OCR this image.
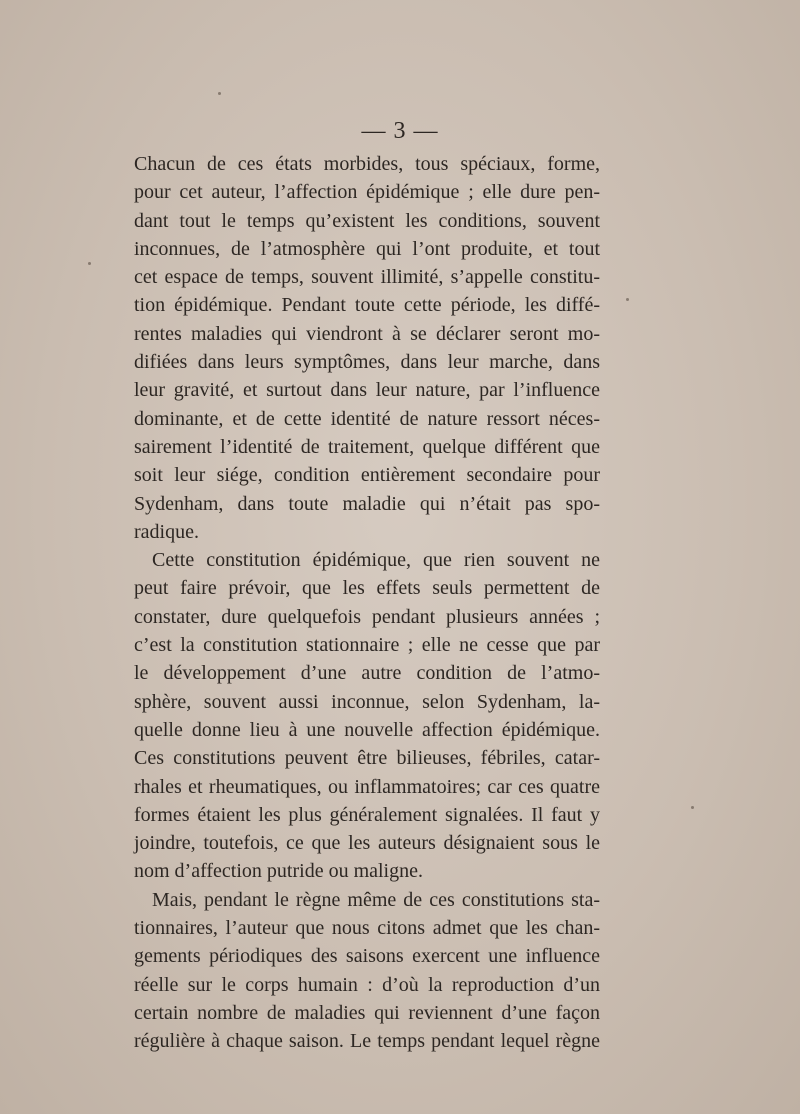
— 3 —
Chacun de ces états morbides, tous spéciaux, forme,
pour cet auteur, l’affection épidémique ; elle dure pen-
dant tout le temps qu’existent les conditions, souvent
inconnues, de l’atmosphère qui l’ont produite, et tout
cet espace de temps, souvent illimité, s’appelle constitu-
tion épidémique. Pendant toute cette période, les diffé-
rentes maladies qui viendront à se déclarer seront mo-
difiées dans leurs symptômes, dans leur marche, dans
leur gravité, et surtout dans leur nature, par l’influence
dominante, et de cette identité de nature ressort néces-
sairement l’identité de traitement, quelque différent que
soit leur siége, condition entièrement secondaire pour
Sydenham, dans toute maladie qui n’était pas spo-
radique.
Cette constitution épidémique, que rien souvent ne
peut faire prévoir, que les effets seuls permettent de
constater, dure quelquefois pendant plusieurs années ;
c’est la constitution stationnaire ; elle ne cesse que par
le développement d’une autre condition de l’atmo-
sphère, souvent aussi inconnue, selon Sydenham, la-
quelle donne lieu à une nouvelle affection épidémique.
Ces constitutions peuvent être bilieuses, fébriles, catar-
rhales et rheumatiques, ou inflammatoires; car ces quatre
formes étaient les plus généralement signalées. Il faut y
joindre, toutefois, ce que les auteurs désignaient sous le
nom d’affection putride ou maligne.
Mais, pendant le règne même de ces constitutions sta-
tionnaires, l’auteur que nous citons admet que les chan-
gements périodiques des saisons exercent une influence
réelle sur le corps humain : d’où la reproduction d’un
certain nombre de maladies qui reviennent d’une façon
régulière à chaque saison. Le temps pendant lequel règne
